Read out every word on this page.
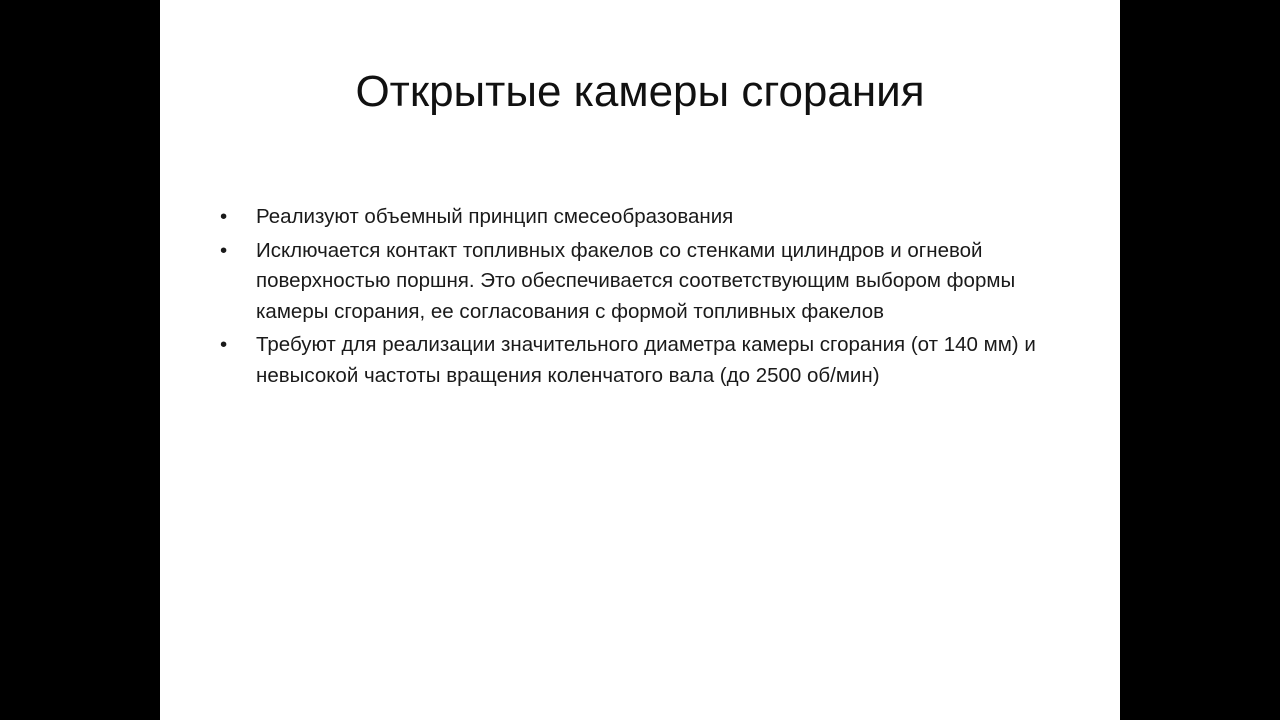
Открытые камеры сгорания
•	Реализуют объемный принцип смесеобразования
•	Исключается контакт топливных факелов со стенками цилиндров и огневой поверхностью поршня. Это обеспечивается соответствующим выбором формы камеры сгорания, ее согласования с формой топливных факелов
•	Требуют для реализации значительного диаметра камеры сгорания (от 140 мм) и невысокой частоты вращения коленчатого вала (до 2500 об/мин)
